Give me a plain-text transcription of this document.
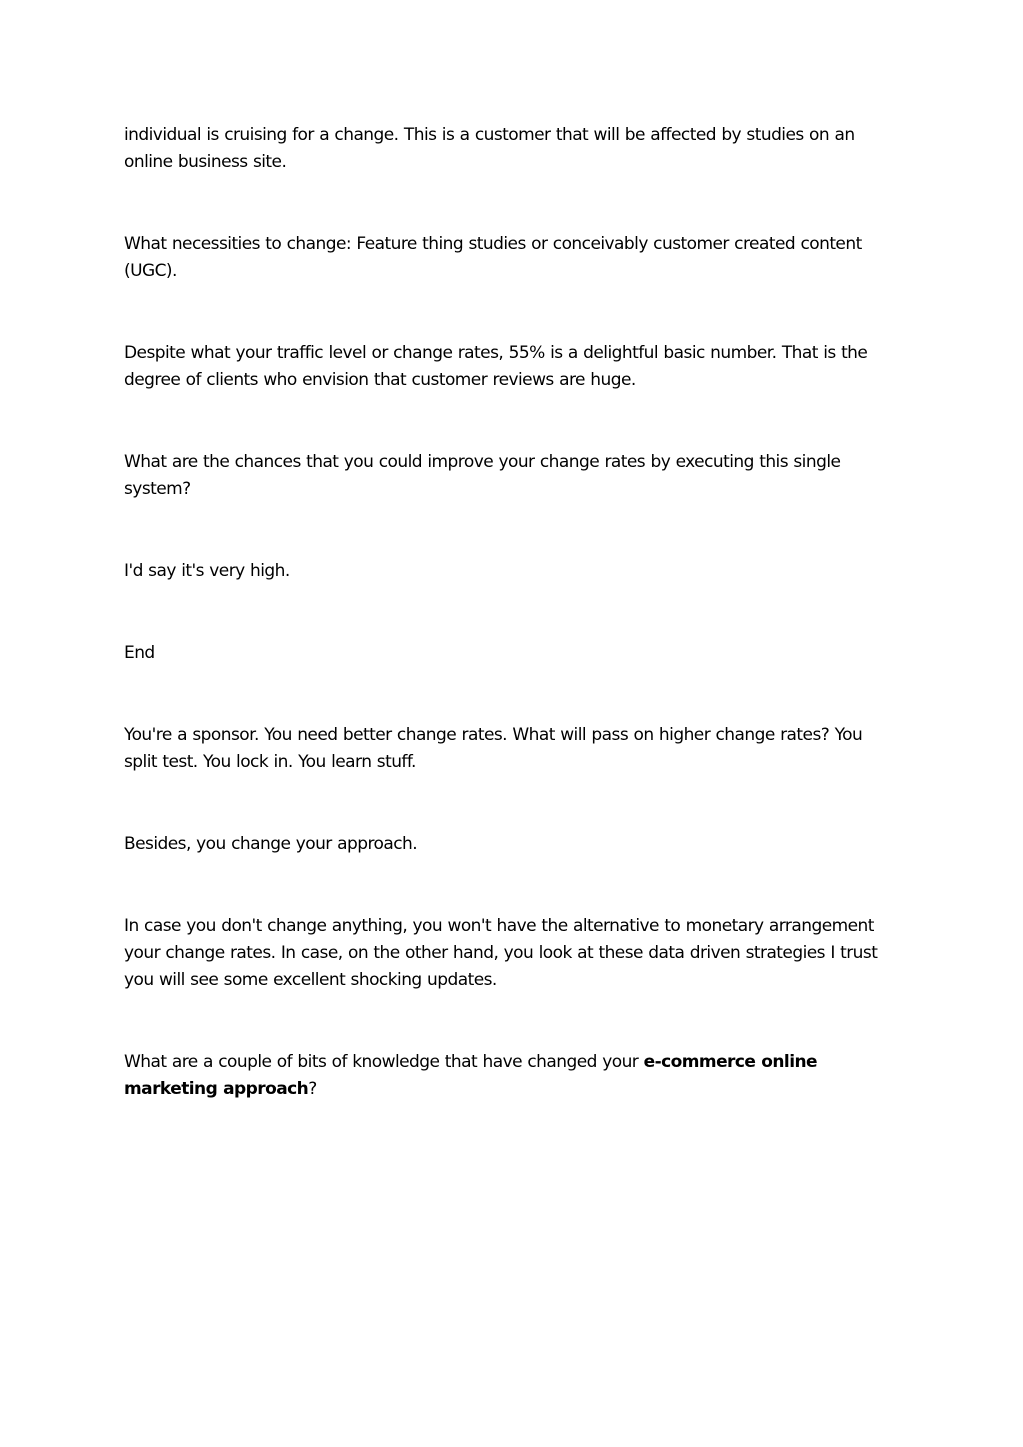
individual is cruising for a change. This is a customer that will be affected by studies on an online business site.

What necessities to change: Feature thing studies or conceivably customer created content (UGC).

Despite what your traffic level or change rates, 55% is a delightful basic number. That is the degree of clients who envision that customer reviews are huge.

What are the chances that you could improve your change rates by executing this single system?

I'd say it's very high.

End

You're a sponsor. You need better change rates. What will pass on higher change rates? You split test. You lock in. You learn stuff.

Besides, you change your approach.

In case you don't change anything, you won't have the alternative to monetary arrangement your change rates. In case, on the other hand, you look at these data driven strategies I trust you will see some excellent shocking updates.

What are a couple of bits of knowledge that have changed your e-commerce online marketing approach?
